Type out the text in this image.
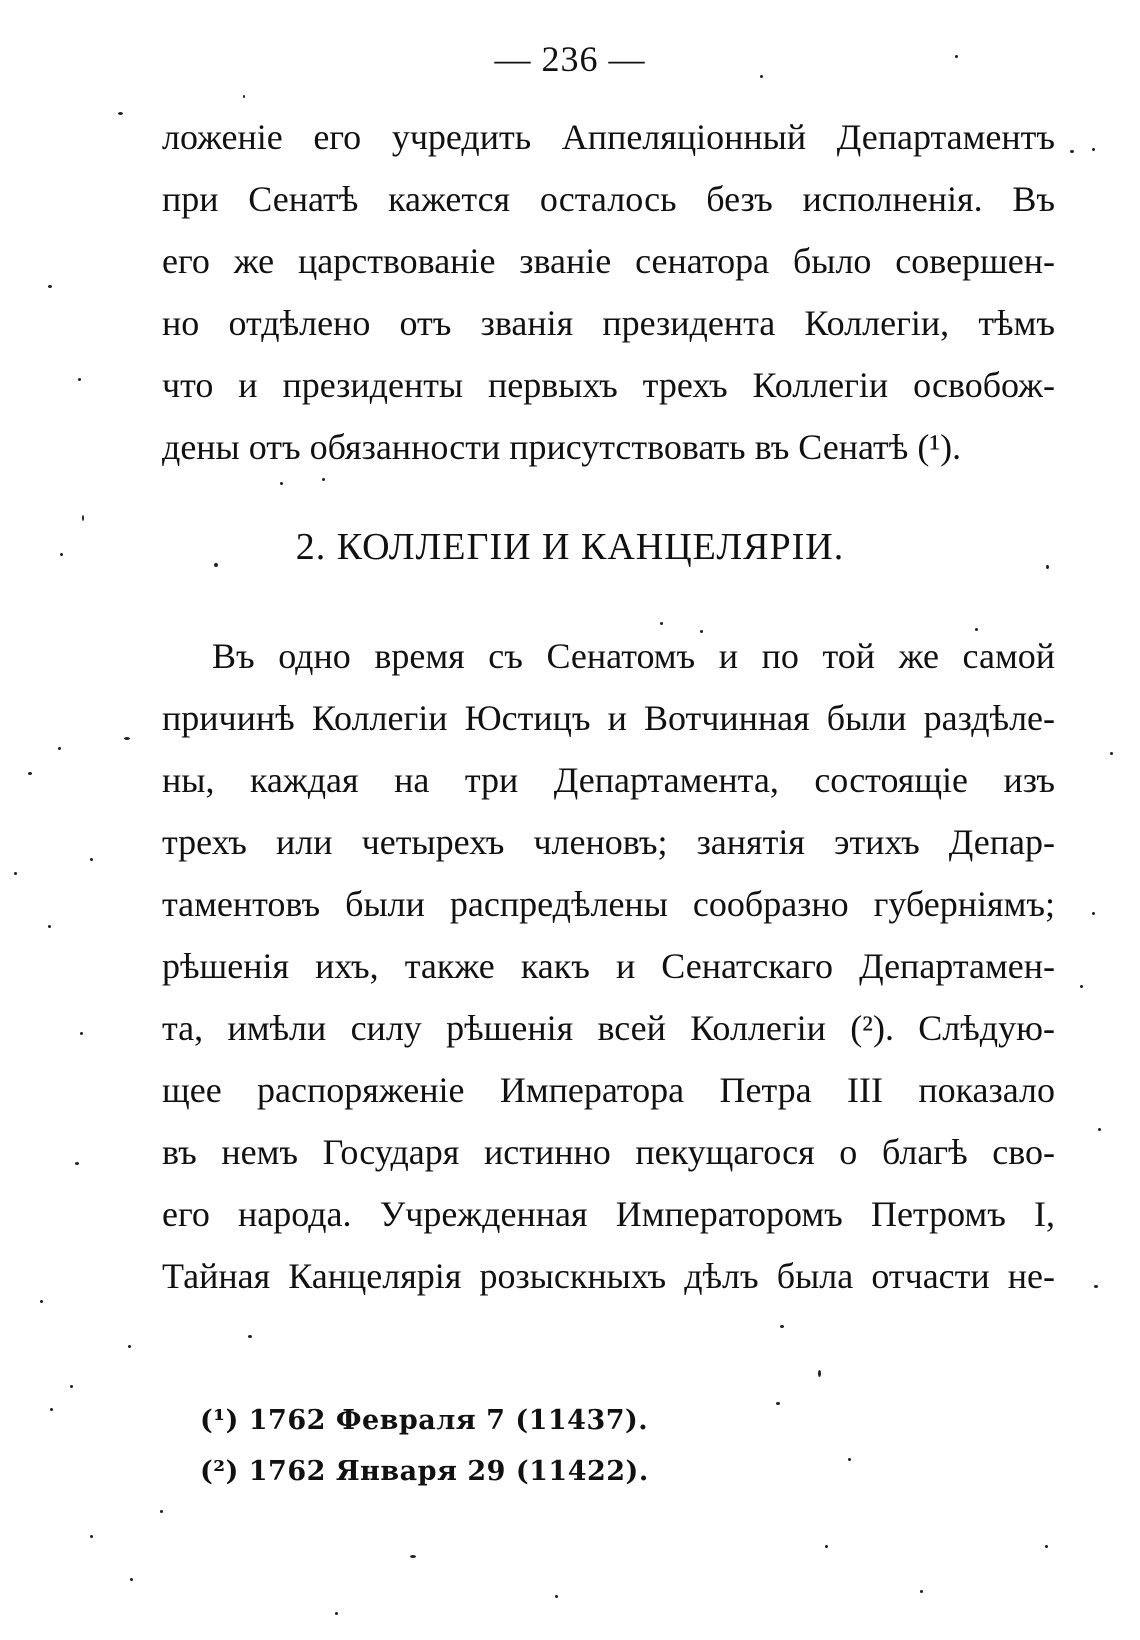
— 236 —
ложеніе его учредить Аппеляціонный Департаментъ
при Сенатѣ кажется осталось безъ исполненія. Въ
его же царствованіе званіе сенатора было совершен-
но отдѣлено отъ званія президента Коллегіи, тѣмъ
что и президенты первыхъ трехъ Коллегіи освобож-
дены отъ обязанности присутствовать въ Сенатѣ (¹).
2. КОЛЛЕГІИ И КАНЦЕЛЯРІИ.
Въ одно время съ Сенатомъ и по той же самой
причинѣ Коллегіи Юстицъ и Вотчинная были раздѣле-
ны, каждая на три Департамента, состоящіе изъ
трехъ или четырехъ членовъ; занятія этихъ Депар-
таментовъ были распредѣлены сообразно губерніямъ;
рѣшенія ихъ, также какъ и Сенатскаго Департамен-
та, имѣли силу рѣшенія всей Коллегіи (²). Слѣдую-
щее распоряженіе Императора Петра III показало
въ немъ Государя истинно пекущагося о благѣ сво-
его народа. Учрежденная Императоромъ Петромъ I,
Тайная Канцелярія розыскныхъ дѣлъ была отчасти не-
(¹) 1762 Февраля 7 (11437).
(²) 1762 Января 29 (11422).
